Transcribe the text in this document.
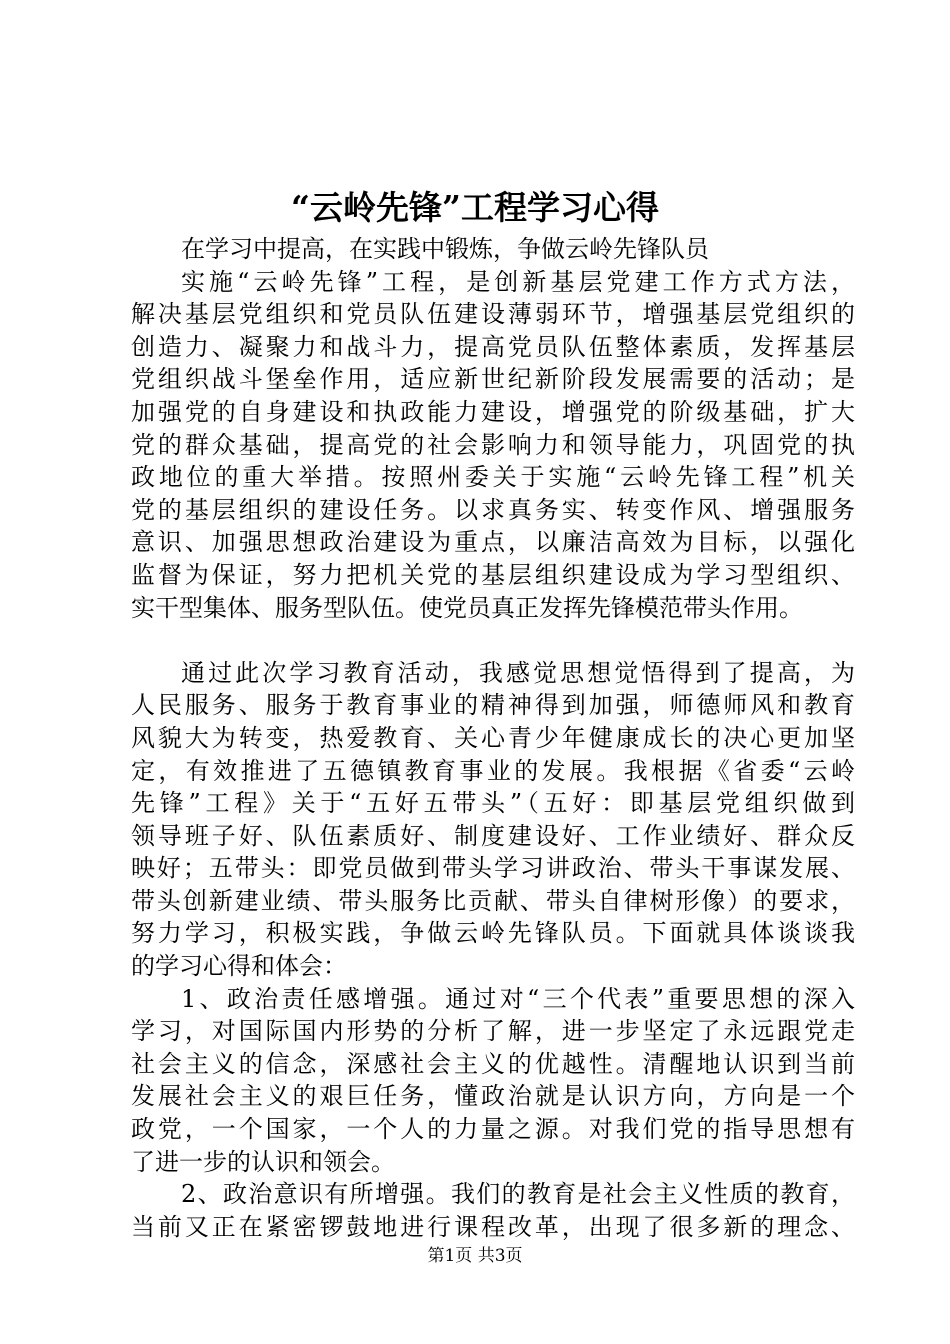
“云岭先锋”工程学习心得
在学习中提高，在实践中锻炼，争做云岭先锋队员
实施“云岭先锋”工程，是创新基层党建工作方式方法，
解决基层党组织和党员队伍建设薄弱环节，增强基层党组织的
创造力、凝聚力和战斗力，提高党员队伍整体素质，发挥基层
党组织战斗堡垒作用，适应新世纪新阶段发展需要的活动；是
加强党的自身建设和执政能力建设，增强党的阶级基础，扩大
党的群众基础，提高党的社会影响力和领导能力，巩固党的执
政地位的重大举措。按照州委关于实施“云岭先锋工程”机关
党的基层组织的建设任务。以求真务实、转变作风、增强服务
意识、加强思想政治建设为重点，以廉洁高效为目标，以强化
监督为保证，努力把机关党的基层组织建设成为学习型组织、
实干型集体、服务型队伍。使党员真正发挥先锋模范带头作用。
通过此次学习教育活动，我感觉思想觉悟得到了提高，为
人民服务、服务于教育事业的精神得到加强，师德师风和教育
风貌大为转变，热爱教育、关心青少年健康成长的决心更加坚
定，有效推进了五德镇教育事业的发展。我根据《省委“云岭
先锋”工程》关于“五好五带头”（五好：即基层党组织做到
领导班子好、队伍素质好、制度建设好、工作业绩好、群众反
映好；五带头：即党员做到带头学习讲政治、带头干事谋发展、
带头创新建业绩、带头服务比贡献、带头自律树形像）的要求，
努力学习，积极实践，争做云岭先锋队员。下面就具体谈谈我
的学习心得和体会：
1、政治责任感增强。通过对“三个代表”重要思想的深入
学习，对国际国内形势的分析了解，进一步坚定了永远跟党走
社会主义的信念，深感社会主义的优越性。清醒地认识到当前
发展社会主义的艰巨任务，懂政治就是认识方向，方向是一个
政党，一个国家，一个人的力量之源。对我们党的指导思想有
了进一步的认识和领会。
2、政治意识有所增强。我们的教育是社会主义性质的教育，
当前又正在紧密锣鼓地进行课程改革，出现了很多新的理念、
第1页 共3页
